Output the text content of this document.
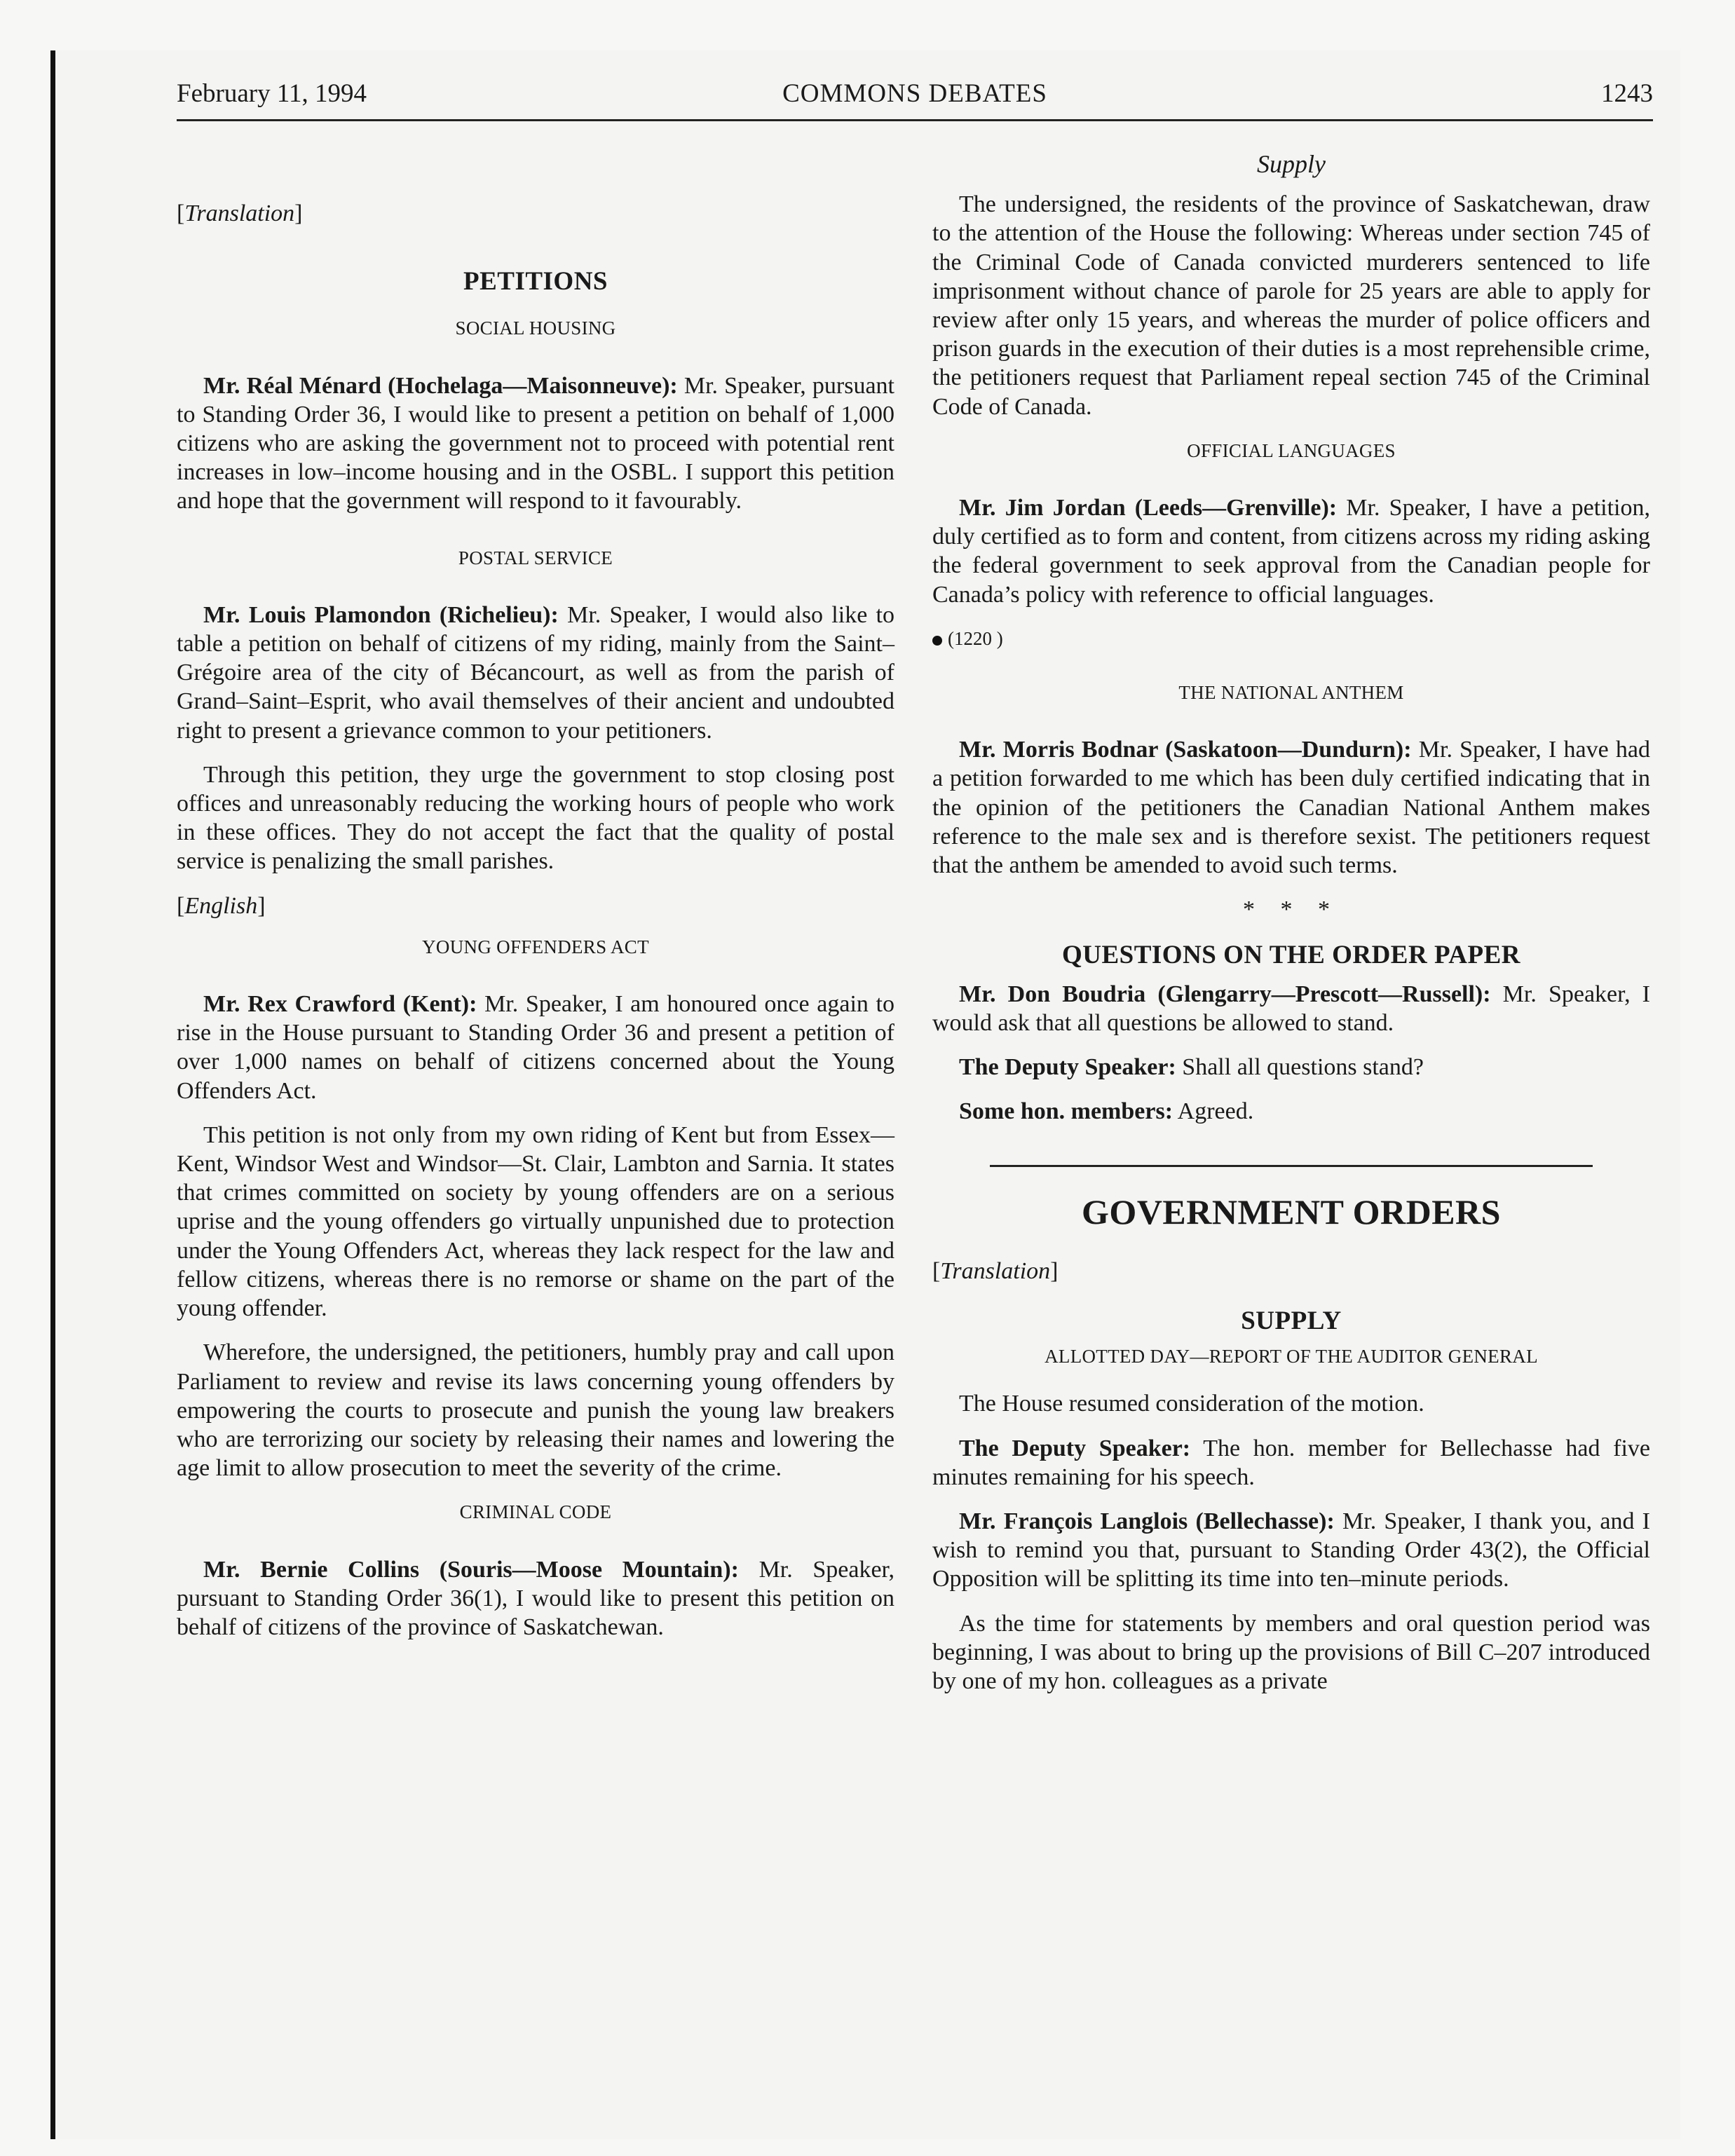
February 11, 1994	COMMONS DEBATES	1243
[Translation]
PETITIONS
SOCIAL HOUSING

Mr. Réal Ménard (Hochelaga—Maisonneuve): Mr. Speaker, pursuant to Standing Order 36, I would like to present a petition on behalf of 1,000 citizens who are asking the government not to proceed with potential rent increases in low–income housing and in the OSBL. I support this petition and hope that the government will respond to it favourably.

POSTAL SERVICE

Mr. Louis Plamondon (Richelieu): Mr. Speaker, I would also like to table a petition on behalf of citizens of my riding, mainly from the Saint–Grégoire area of the city of Bécancourt, as well as from the parish of Grand–Saint–Esprit, who avail themselves of their ancient and undoubted right to present a grievance common to your petitioners.

Through this petition, they urge the government to stop closing post offices and unreasonably reducing the working hours of people who work in these offices. They do not accept the fact that the quality of postal service is penalizing the small parishes.

[English]
YOUNG OFFENDERS ACT

Mr. Rex Crawford (Kent): Mr. Speaker, I am honoured once again to rise in the House pursuant to Standing Order 36 and present a petition of over 1,000 names on behalf of citizens concerned about the Young Offenders Act.

This petition is not only from my own riding of Kent but from Essex—Kent, Windsor West and Windsor—St. Clair, Lambton and Sarnia. It states that crimes committed on society by young offenders are on a serious uprise and the young offenders go virtually unpunished due to protection under the Young Offenders Act, whereas they lack respect for the law and fellow citizens, whereas there is no remorse or shame on the part of the young offender.

Wherefore, the undersigned, the petitioners, humbly pray and call upon Parliament to review and revise its laws concerning young offenders by empowering the courts to prosecute and punish the young law breakers who are terrorizing our society by releasing their names and lowering the age limit to allow prosecution to meet the severity of the crime.

CRIMINAL CODE

Mr. Bernie Collins (Souris—Moose Mountain): Mr. Speaker, pursuant to Standing Order 36(1), I would like to present this petition on behalf of citizens of the province of Saskatchewan.

Supply

The undersigned, the residents of the province of Saskatchewan, draw to the attention of the House the following: Whereas under section 745 of the Criminal Code of Canada convicted murderers sentenced to life imprisonment without chance of parole for 25 years are able to apply for review after only 15 years, and whereas the murder of police officers and prison guards in the execution of their duties is a most reprehensible crime, the petitioners request that Parliament repeal section 745 of the Criminal Code of Canada.

OFFICIAL LANGUAGES

Mr. Jim Jordan (Leeds—Grenville): Mr. Speaker, I have a petition, duly certified as to form and content, from citizens across my riding asking the federal government to seek approval from the Canadian people for Canada’s policy with reference to official languages.

(1220 )
THE NATIONAL ANTHEM

Mr. Morris Bodnar (Saskatoon—Dundurn): Mr. Speaker, I have had a petition forwarded to me which has been duly certified indicating that in the opinion of the petitioners the Canadian National Anthem makes reference to the male sex and is therefore sexist. The petitioners request that the anthem be amended to avoid such terms.

* * *
QUESTIONS ON THE ORDER PAPER

Mr. Don Boudria (Glengarry—Prescott—Russell): Mr. Speaker, I would ask that all questions be allowed to stand.

The Deputy Speaker: Shall all questions stand?

Some hon. members: Agreed.

GOVERNMENT ORDERS
[Translation]
SUPPLY
ALLOTTED DAY—REPORT OF THE AUDITOR GENERAL

The House resumed consideration of the motion.

The Deputy Speaker: The hon. member for Bellechasse had five minutes remaining for his speech.

Mr. François Langlois (Bellechasse): Mr. Speaker, I thank you, and I wish to remind you that, pursuant to Standing Order 43(2), the Official Opposition will be splitting its time into ten–minute periods.

As the time for statements by members and oral question period was beginning, I was about to bring up the provisions of Bill C–207 introduced by one of my hon. colleagues as a private
